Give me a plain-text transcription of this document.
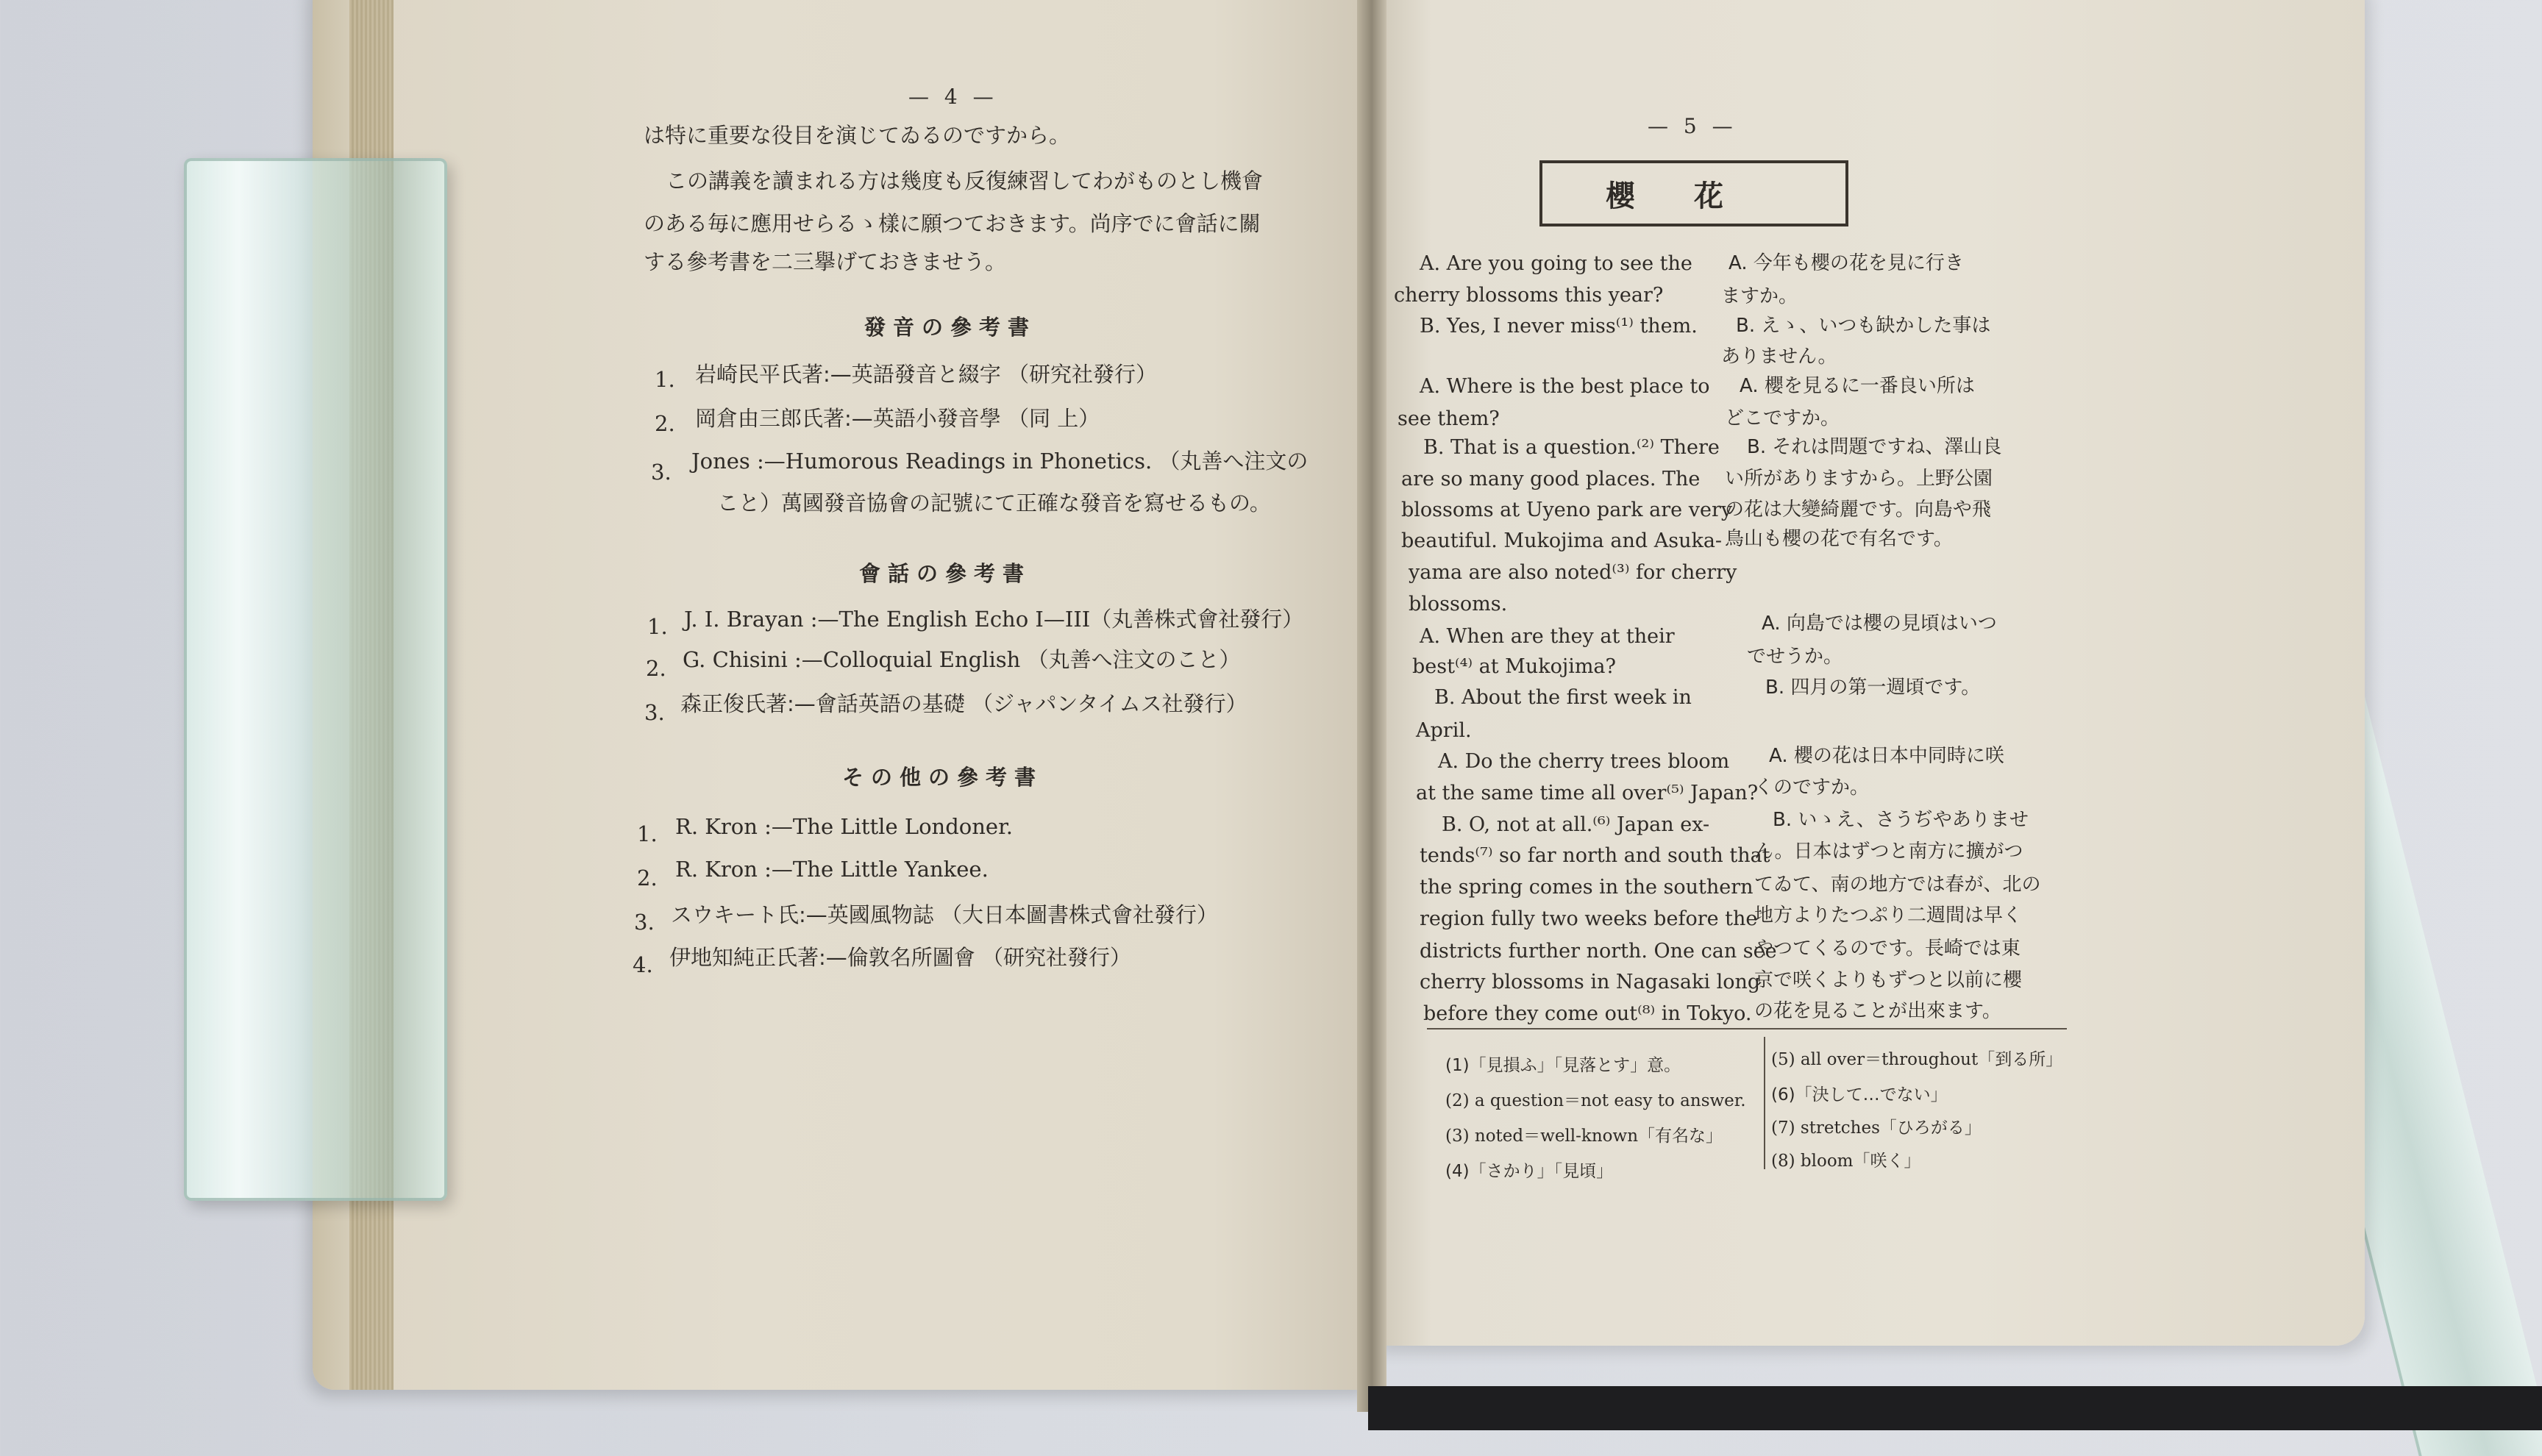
— 4 —
は特に重要な役目を演じてゐるのですから。
この講義を讀まれる方は幾度も反復練習してわがものとし機會
のある毎に應用せらるゝ樣に願つておきます。尚序でに會話に關
する參考書を二三擧げておきませう。
發音の參考書
1. 岩崎民平氏著:—英語發音と綴字 （研究社發行）
2. 岡倉由三郎氏著:—英語小發音學 （同 上）
3. Jones :—Humorous Readings in Phonetics. （丸善へ注文の
こと）萬國發音協會の記號にて正確な發音を寫せるもの。
會話の參考書
1. J. I. Brayan :—The English Echo I—III（丸善株式會社發行）
2. G. Chisini :—Colloquial English （丸善へ注文のこと）
3. 森正俊氏著:—會話英語の基礎 （ジャパンタイムス社發行）
その他の參考書
1. R. Kron :—The Little Londoner.
2. R. Kron :—The Little Yankee.
3. スウキート氏:—英國風物誌 （大日本圖書株式會社發行）
4. 伊地知純正氏著:—倫敦名所圖會 （研究社發行）
— 5 —
櫻花
A. Are you going to see the
cherry blossoms this year?
B. Yes, I never miss⁽¹⁾ them.
A. Where is the best place to
see them?
B. That is a question.⁽²⁾ There
are so many good places. The
blossoms at Uyeno park are very
beautiful. Mukojima and Asuka-
yama are also noted⁽³⁾ for cherry
blossoms.
A. When are they at their
best⁽⁴⁾ at Mukojima?
B. About the first week in
April.
A. Do the cherry trees bloom
at the same time all over⁽⁵⁾ Japan?
B. O, not at all.⁽⁶⁾ Japan ex-
tends⁽⁷⁾ so far north and south that
the spring comes in the southern
region fully two weeks before the
districts further north. One can see
cherry blossoms in Nagasaki long
before they come out⁽⁸⁾ in Tokyo.
A. 今年も櫻の花を見に行き
ますか。
B. えゝ、いつも缺かした事は
ありません。
A. 櫻を見るに一番良い所は
どこですか。
B. それは問題ですね、澤山良
い所がありますから。上野公園
の花は大變綺麗です。向島や飛
鳥山も櫻の花で有名です。
A. 向島では櫻の見頃はいつ
でせうか。
B. 四月の第一週頃です。
A. 櫻の花は日本中同時に咲
くのですか。
B. いゝえ、さうぢやありませ
ん。日本はずつと南方に擴がつ
てゐて、南の地方では春が、北の
地方よりたつぷり二週間は早く
やつてくるのです。長崎では東
京で咲くよりもずつと以前に櫻
の花を見ることが出來ます。
(1)「見損ふ」「見落とす」意。
(2) a question＝not easy to answer.
(3) noted＝well-known「有名な」
(4)「さかり」「見頃」
(5) all over＝throughout「到る所」
(6)「決して…でない」
(7) stretches「ひろがる」
(8) bloom「咲く」
